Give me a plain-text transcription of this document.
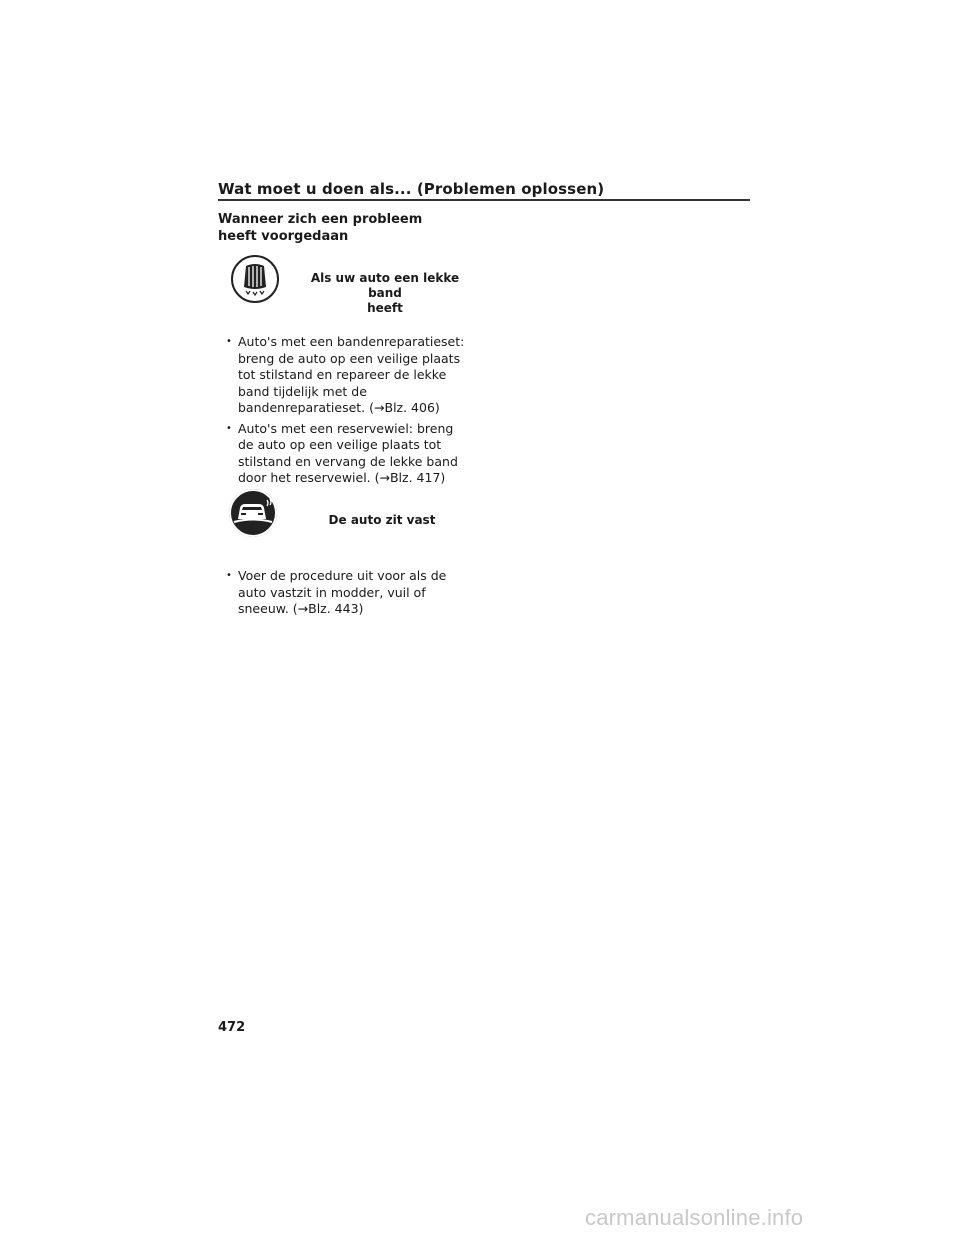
Wat moet u doen als... (Problemen oplossen)
Wanneer zich een probleem heeft voorgedaan
Als uw auto een lekke band
heeft
• Auto's met een bandenreparatieset: breng de auto op een veilige plaats tot stilstand en repareer de lekke band tijdelijk met de bandenreparatieset. (→Blz. 406)
• Auto's met een reservewiel: breng de auto op een veilige plaats tot stilstand en vervang de lekke band door het reservewiel. (→Blz. 417)
De auto zit vast
• Voer de procedure uit voor als de auto vastzit in modder, vuil of sneeuw. (→Blz. 443)
472
carmanualsonline.info
